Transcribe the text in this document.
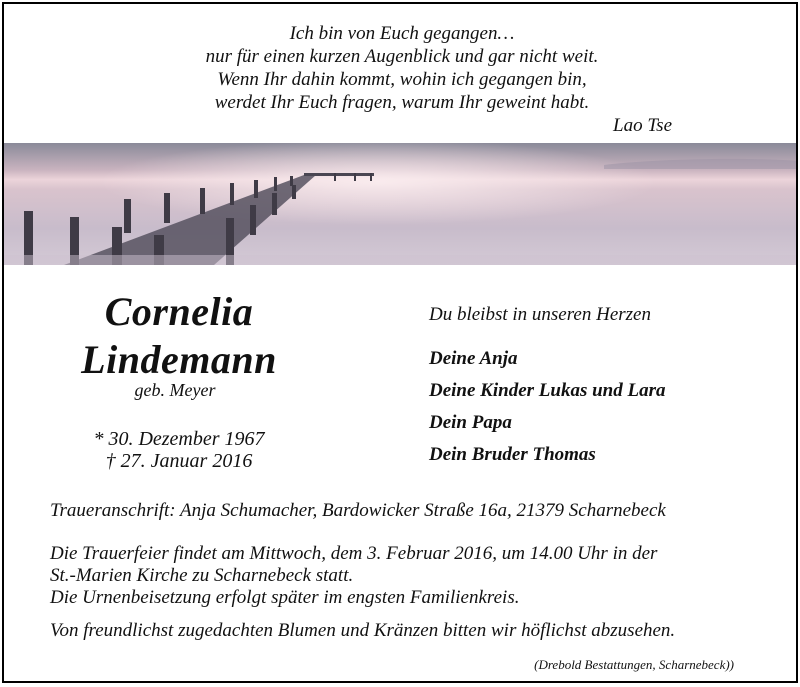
Ich bin von Euch gegangen…
nur für einen kurzen Augenblick und gar nicht weit.
Wenn Ihr dahin kommt, wohin ich gegangen bin,
werdet Ihr Euch fragen, warum Ihr geweint habt.
Lao Tse
Cornelia
Lindemann
geb. Meyer
* 30. Dezember 1967
† 27. Januar 2016
Du bleibst in unseren Herzen
Deine Anja
Deine Kinder Lukas und Lara
Dein Papa
Dein Bruder Thomas
Traueranschrift: Anja Schumacher, Bardowicker Straße 16a, 21379 Scharnebeck
Die Trauerfeier findet am Mittwoch, dem 3. Februar 2016, um 14.00 Uhr in der
St.-Marien Kirche zu Scharnebeck statt.
Die Urnenbeisetzung erfolgt später im engsten Familienkreis.
Von freundlichst zugedachten Blumen und Kränzen bitten wir höflichst abzusehen.
(Drebold Bestattungen, Scharnebeck))
